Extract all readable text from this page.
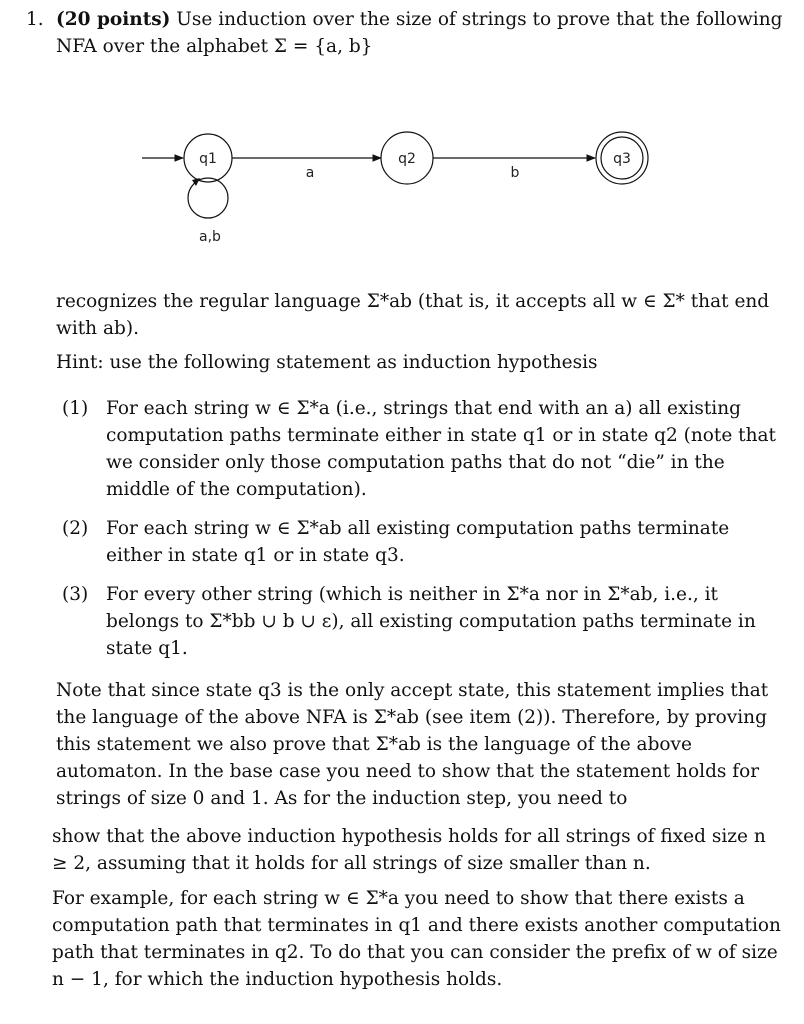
1. (20 points) Use induction over the size of strings to prove that the following NFA over the alphabet Σ = {a, b}
q1
a,b
a
q2
b
q3
recognizes the regular language Σ*ab (that is, it accepts all w ∈ Σ* that end with ab).
Hint: use the following statement as induction hypothesis
(1) For each string w ∈ Σ*a (i.e., strings that end with an a) all existing computation paths terminate either in state q1 or in state q2 (note that we consider only those computation paths that do not “die” in the middle of the computation).
(2) For each string w ∈ Σ*ab all existing computation paths terminate either in state q1 or in state q3.
(3) For every other string (which is neither in Σ*a nor in Σ*ab, i.e., it belongs to Σ*bb ∪ b ∪ ε), all existing computation paths terminate in state q1.
Note that since state q3 is the only accept state, this statement implies that the language of the above NFA is Σ*ab (see item (2)). Therefore, by proving this statement we also prove that Σ*ab is the language of the above automaton. In the base case you need to show that the statement holds for strings of size 0 and 1. As for the induction step, you need to
show that the above induction hypothesis holds for all strings of fixed size n ≥ 2, assuming that it holds for all strings of size smaller than n.
For example, for each string w ∈ Σ*a you need to show that there exists a computation path that terminates in q1 and there exists another computation path that terminates in q2. To do that you can consider the prefix of w of size n − 1, for which the induction hypothesis holds.
